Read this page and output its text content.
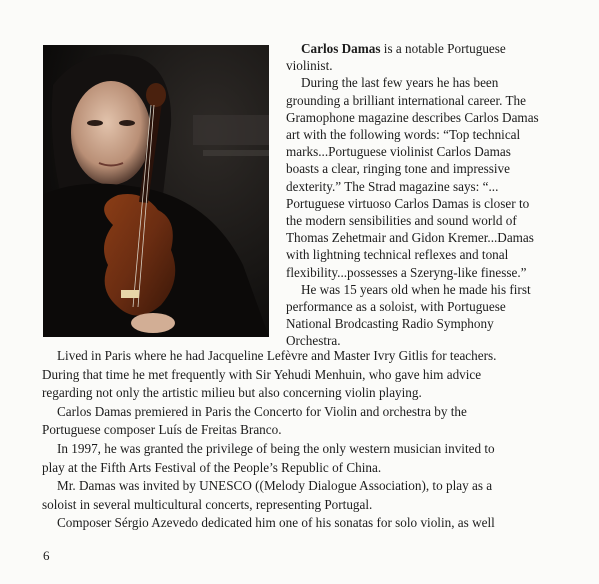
Carlos Damas is a notable Portuguese

violinist.
During the last few years he has been
grounding a brilliant international career. The
Gramophone magazine describes Carlos Damas
art with the following words: “Top technical
marks...Portuguese violinist Carlos Damas
boasts a clear, ringing tone and impressive
dexterity.” The Strad magazine says: “...
Portuguese virtuoso Carlos Damas is closer to
the modern sensibilities and sound world of
Thomas Zehetmair and Gidon Kremer...Damas
with lightning technical reflexes and tonal
flexibility...possesses a Szeryng-like finesse.”
He was 15 years old when he made his first
performance as a soloist, with Portuguese
National Brodcasting Radio Symphony
Orchestra.
Lived in Paris where he had Jacqueline Lefèvre and Master Ivry Gitlis for teachers.
During that time he met frequently with Sir Yehudi Menhuin, who gave him advice
regarding not only the artistic milieu but also concerning violin playing.
Carlos Damas premiered in Paris the Concerto for Violin and orchestra by the
Portuguese composer Luís de Freitas Branco.
In 1997, he was granted the privilege of being the only western musician invited to
play at the Fifth Arts Festival of the People’s Republic of China.
Mr. Damas was invited by UNESCO ((Melody Dialogue Association), to play as a
soloist in several multicultural concerts, representing Portugal.
Composer Sérgio Azevedo dedicated him one of his sonatas for solo violin, as well
6
